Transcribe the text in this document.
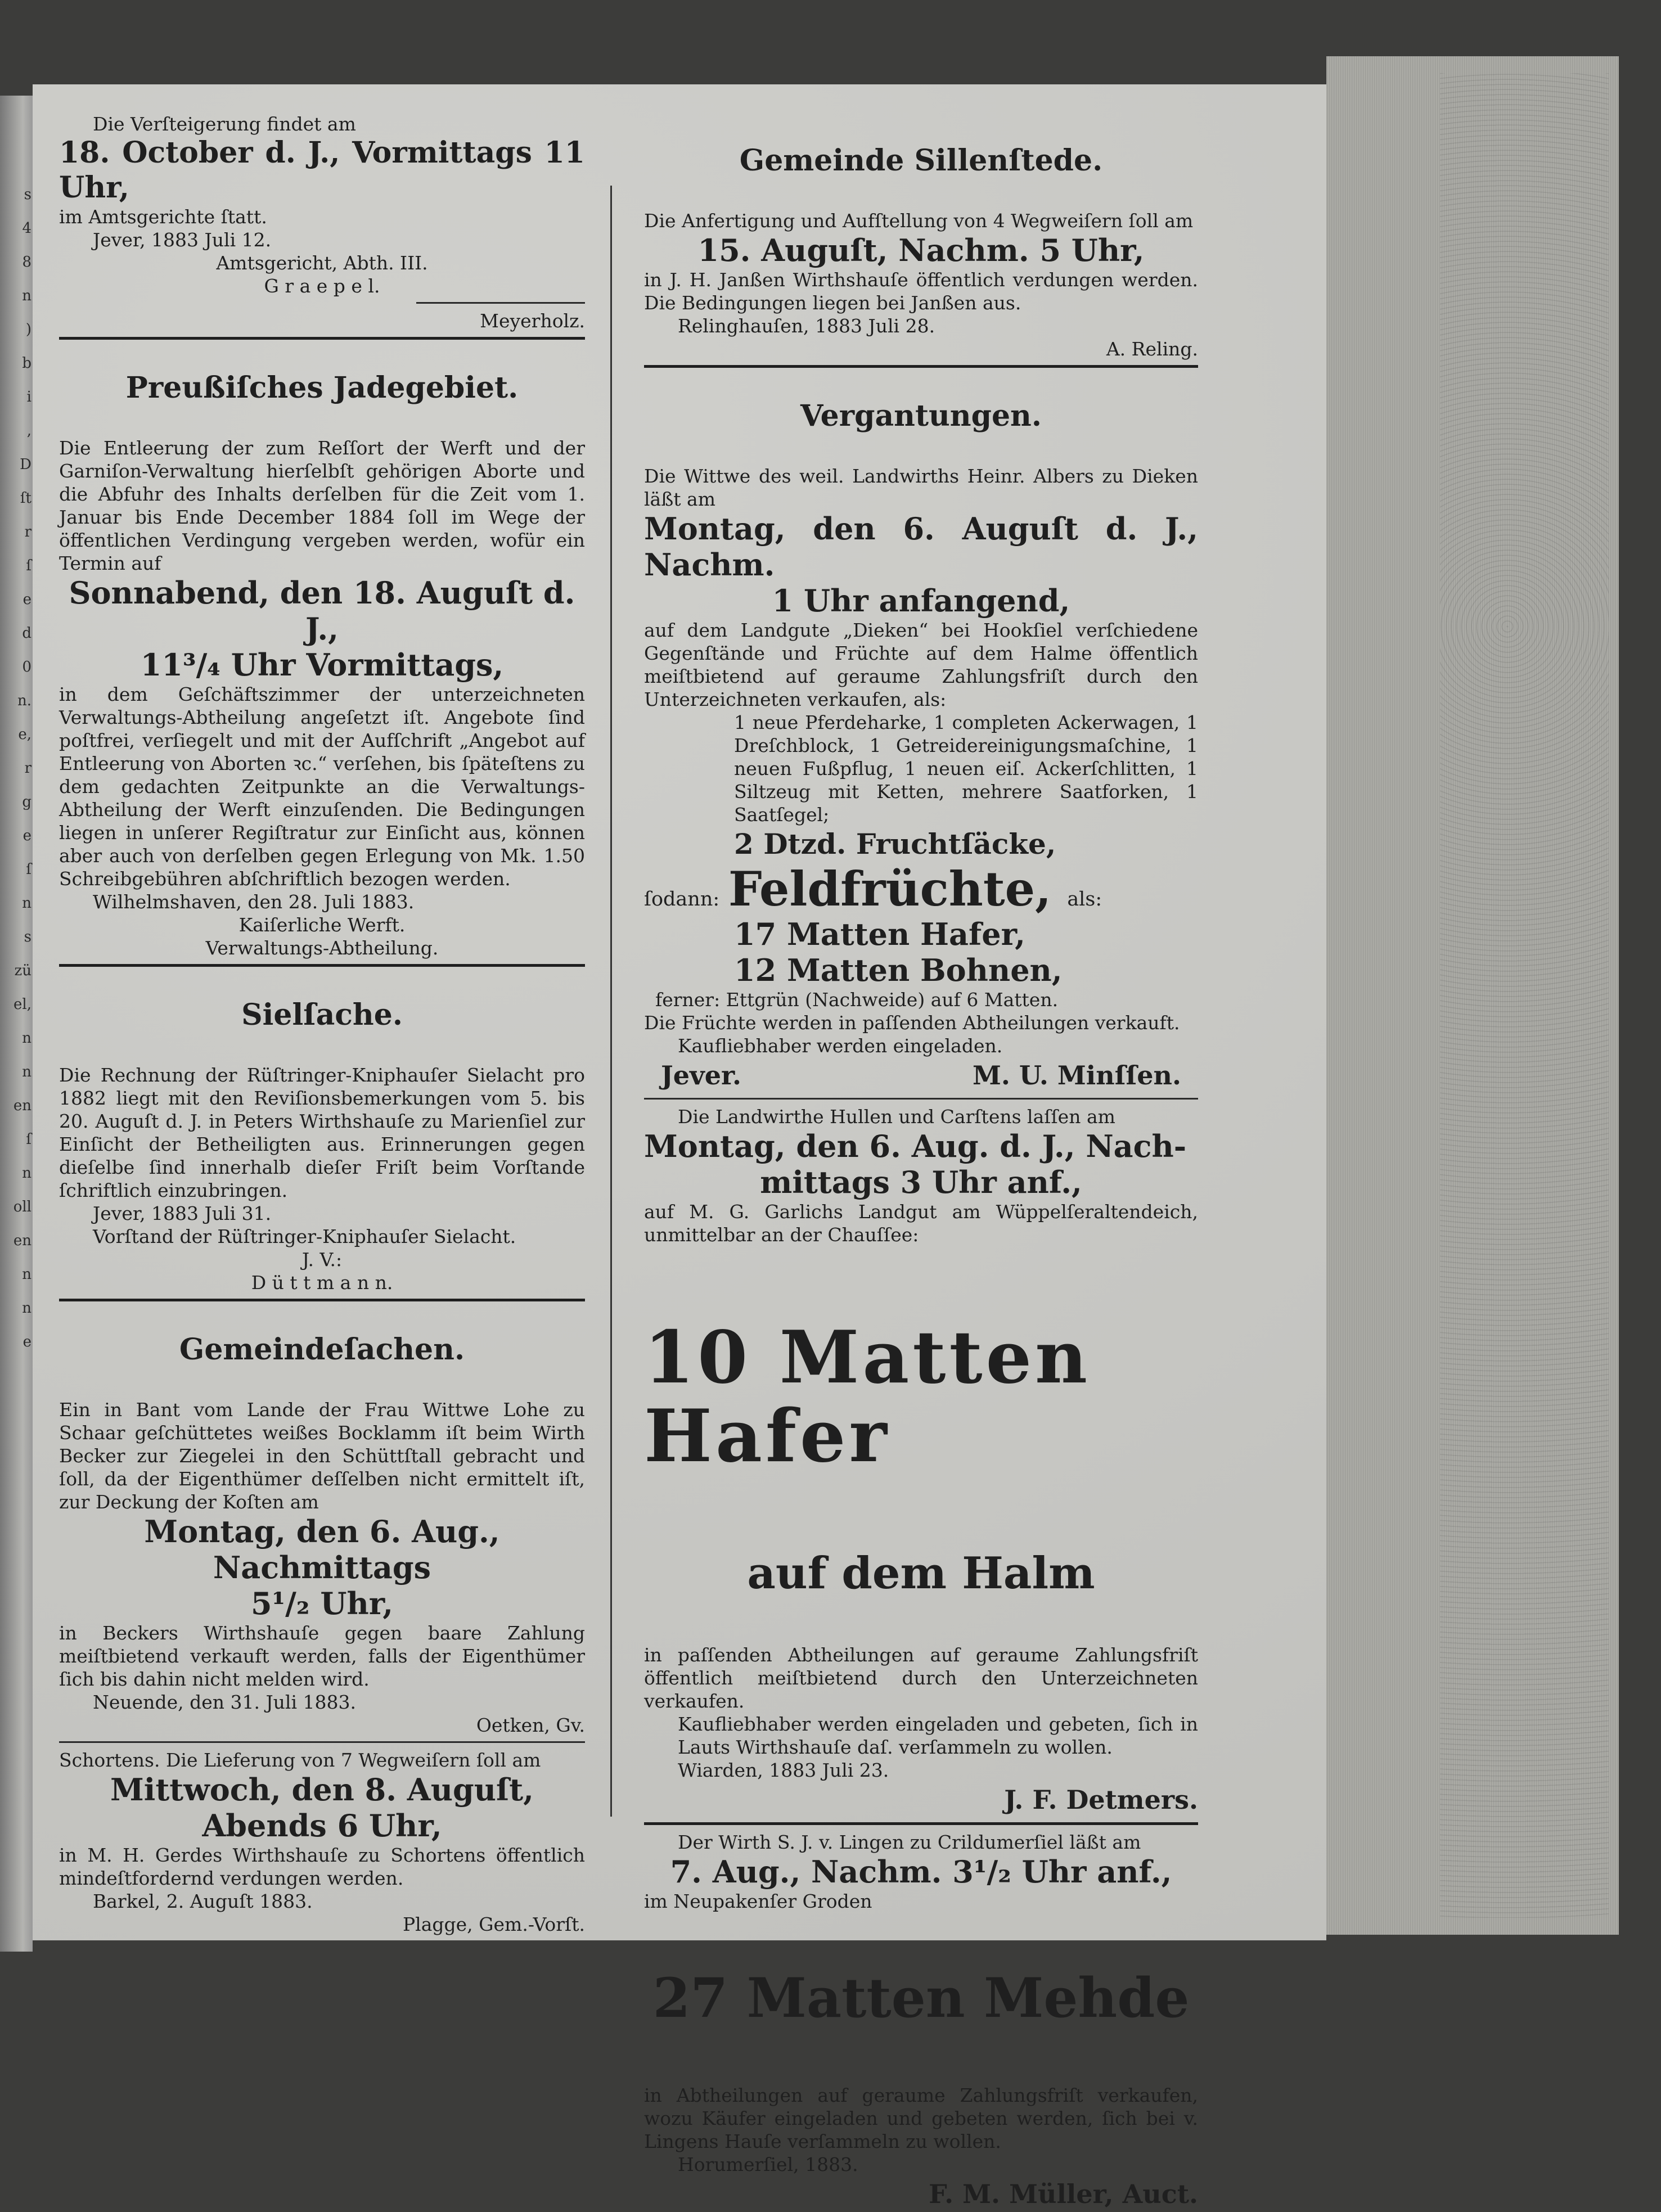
s
4
8
n
)
b
i
,
D
ſt
r
ſ
e
d
0
n.
e,
r
g
e
ſ
n
s
zü
el,
n
n
en
ſ
n
oll
en
n
n
e

Die Verſteigerung findet am

18. October d. J., Vormittags 11 Uhr,

im Amtsgerichte ſtatt.

Jever, 1883 Juli 12.

Amtsgericht, Abth. III.

G r a e p e l.

Meyerholz.

Preußiſches Jadegebiet.

Die Entleerung der zum Reſſort der Werft und der Garniſon-Verwaltung hierſelbſt gehörigen Aborte und die Abfuhr des Inhalts derſelben für die Zeit vom 1. Januar bis Ende December 1884 ſoll im Wege der öffentlichen Verdingung vergeben werden, wofür ein Termin auf

Sonnabend, den 18. Auguſt d. J.,

11³/₄ Uhr Vormittags,

in dem Geſchäftszimmer der unterzeichneten Verwaltungs-Abtheilung angeſetzt iſt. Angebote ſind poſtfrei, verſiegelt und mit der Aufſchrift „Angebot auf Entleerung von Aborten ꝛc.“ verſehen, bis ſpäteſtens zu dem gedachten Zeitpunkte an die Verwaltungs-Abtheilung der Werft einzuſenden. Die Bedingungen liegen in unſerer Regiſtratur zur Einſicht aus, können aber auch von derſelben gegen Erlegung von Mk. 1.50 Schreibgebühren abſchriftlich bezogen werden.

Wilhelmshaven, den 28. Juli 1883.

Kaiſerliche Werft.

Verwaltungs-Abtheilung.

Sielſache.

Die Rechnung der Rüſtringer-Kniphauſer Sielacht pro 1882 liegt mit den Reviſionsbemerkungen vom 5. bis 20. Auguſt d. J. in Peters Wirthshauſe zu Marienſiel zur Einſicht der Betheiligten aus. Erinnerungen gegen dieſelbe ſind innerhalb dieſer Friſt beim Vorſtande ſchriftlich einzubringen.

Jever, 1883 Juli 31.

Vorſtand der Rüſtringer-Kniphauſer Sielacht.

J. V.:

D ü t t m a n n.

Gemeindeſachen.

Ein in Bant vom Lande der Frau Wittwe Lohe zu Schaar geſchüttetes weißes Bocklamm iſt beim Wirth Becker zur Ziegelei in den Schüttſtall gebracht und ſoll, da der Eigenthümer deſſelben nicht ermittelt iſt, zur Deckung der Koſten am

Montag, den 6. Aug., Nachmittags

5¹/₂ Uhr,

in Beckers Wirthshauſe gegen baare Zahlung meiſtbietend verkauft werden, falls der Eigenthümer ſich bis dahin nicht melden wird.

Neuende, den 31. Juli 1883.

Oetken, Gv.

Schortens. Die Lieferung von 7 Wegweiſern ſoll am

Mittwoch, den 8. Auguſt,

Abends 6 Uhr,

in M. H. Gerdes Wirthshauſe zu Schortens öffentlich mindeſtfordernd verdungen werden.

Barkel, 2. Auguſt 1883.

Plagge, Gem.-Vorſt.

Gemeinde Sillenſtede.

Die Anfertigung und Aufſtellung von 4 Wegweiſern ſoll am

15. Auguſt, Nachm. 5 Uhr,

in J. H. Janßen Wirthshauſe öffentlich verdungen werden. Die Bedingungen liegen bei Janßen aus.

Relinghauſen, 1883 Juli 28.

A. Reling.

Vergantungen.

Die Wittwe des weil. Landwirths Heinr. Albers zu Dieken läßt am

Montag, den 6. Auguſt d. J., Nachm.

1 Uhr anfangend,

auf dem Landgute „Dieken“ bei Hookſiel verſchiedene Gegenſtände und Früchte auf dem Halme öffentlich meiſtbietend auf geraume Zahlungsfriſt durch den Unterzeichneten verkaufen, als:

1 neue Pferdeharke, 1 completen Ackerwagen, 1 Dreſchblock, 1 Getreidereinigungsmaſchine, 1 neuen Fußpflug, 1 neuen eiſ. Ackerſchlitten, 1 Siltzeug mit Ketten, mehrere Saatforken, 1 Saatſegel;

2 Dtzd. Fruchtſäcke,

ſodann: Feldfrüchte, als:

17 Matten Hafer,

12 Matten Bohnen,

ferner: Ettgrün (Nachweide) auf 6 Matten.

Die Früchte werden in paſſenden Abtheilungen verkauft.

Kaufliebhaber werden eingeladen.

Jever.	M. U. Minſſen.

Die Landwirthe Hullen und Carſtens laſſen am

Montag, den 6. Aug. d. J., Nach-

mittags 3 Uhr anf.,

auf M. G. Garlichs Landgut am Wüppelſeraltendeich, unmittelbar an der Chauſſee:

10 Matten Hafer

auf dem Halm

in paſſenden Abtheilungen auf geraume Zahlungsfriſt öffentlich meiſtbietend durch den Unterzeichneten verkaufen.

Kaufliebhaber werden eingeladen und gebeten, ſich in Lauts Wirthshauſe daſ. verſammeln zu wollen.

Wiarden, 1883 Juli 23.

J. F. Detmers.

Der Wirth S. J. v. Lingen zu Crildumerſiel läßt am

7. Aug., Nachm. 3¹/₂ Uhr anf.,

im Neupakenſer Groden

27 Matten Mehde

in Abtheilungen auf geraume Zahlungsfriſt verkaufen, wozu Käufer eingeladen und gebeten werden, ſich bei v. Lingens Hauſe verſammeln zu wollen.

Horumerſiel, 1883.

F. M. Müller, Auct.
